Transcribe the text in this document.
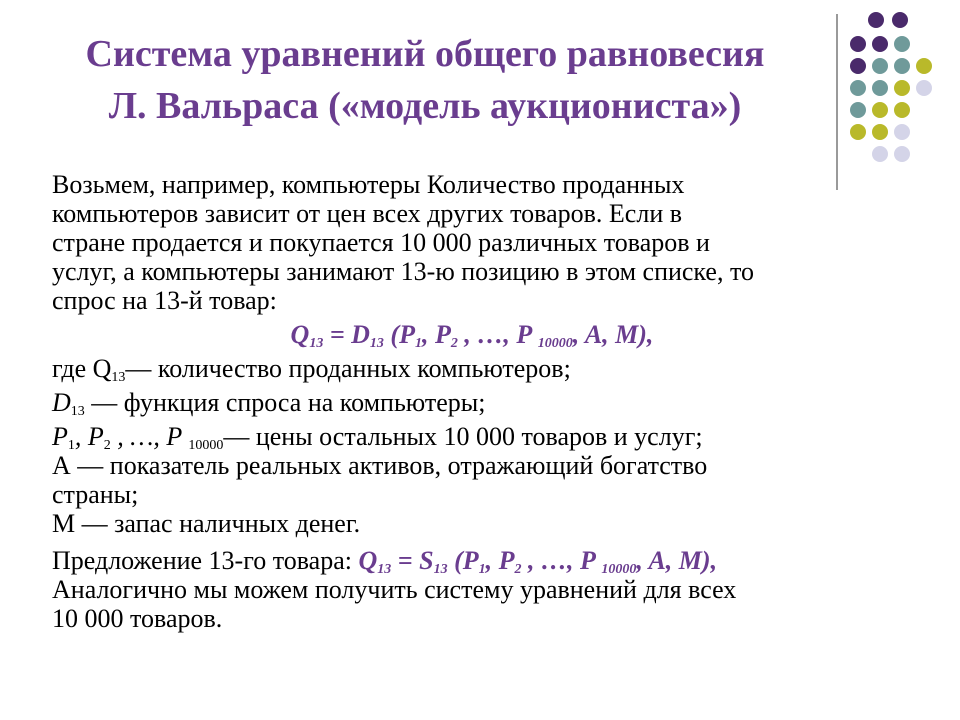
Система уравнений общего равновесия
Л. Вальраса («модель аукциониста»)

Возьмем, например, компьютеры Количество проданных

компьютеров зависит от цен всех других товаров. Если в

стране продается и покупается 10 000 различных товаров и

услуг, а компьютеры занимают 13-ю позицию в этом списке, то

спрос на 13-й товар:

$Q_{13} = D_{13}$ ($P_1$, $P_2$ , …, P $_{10000}$, A, M),

где $Q_{13}—$ количество проданных компьютеров;

$D_{13}$ — функция спроса на компьютеры;

$P_1$, $P_2$ , …, P $_{10000}$— цены остальных 10 000 товаров и услуг;

А — показатель реальных активов, отражающий богатство

страны;

М — запас наличных денег.

Предложение 13-го товара: $Q_{13} = S_{13}$ ($P_1$, $P_2$ , …, P $_{10000}$, A, M),

Аналогично мы можем получить систему уравнений для всех

10 000 товаров.
